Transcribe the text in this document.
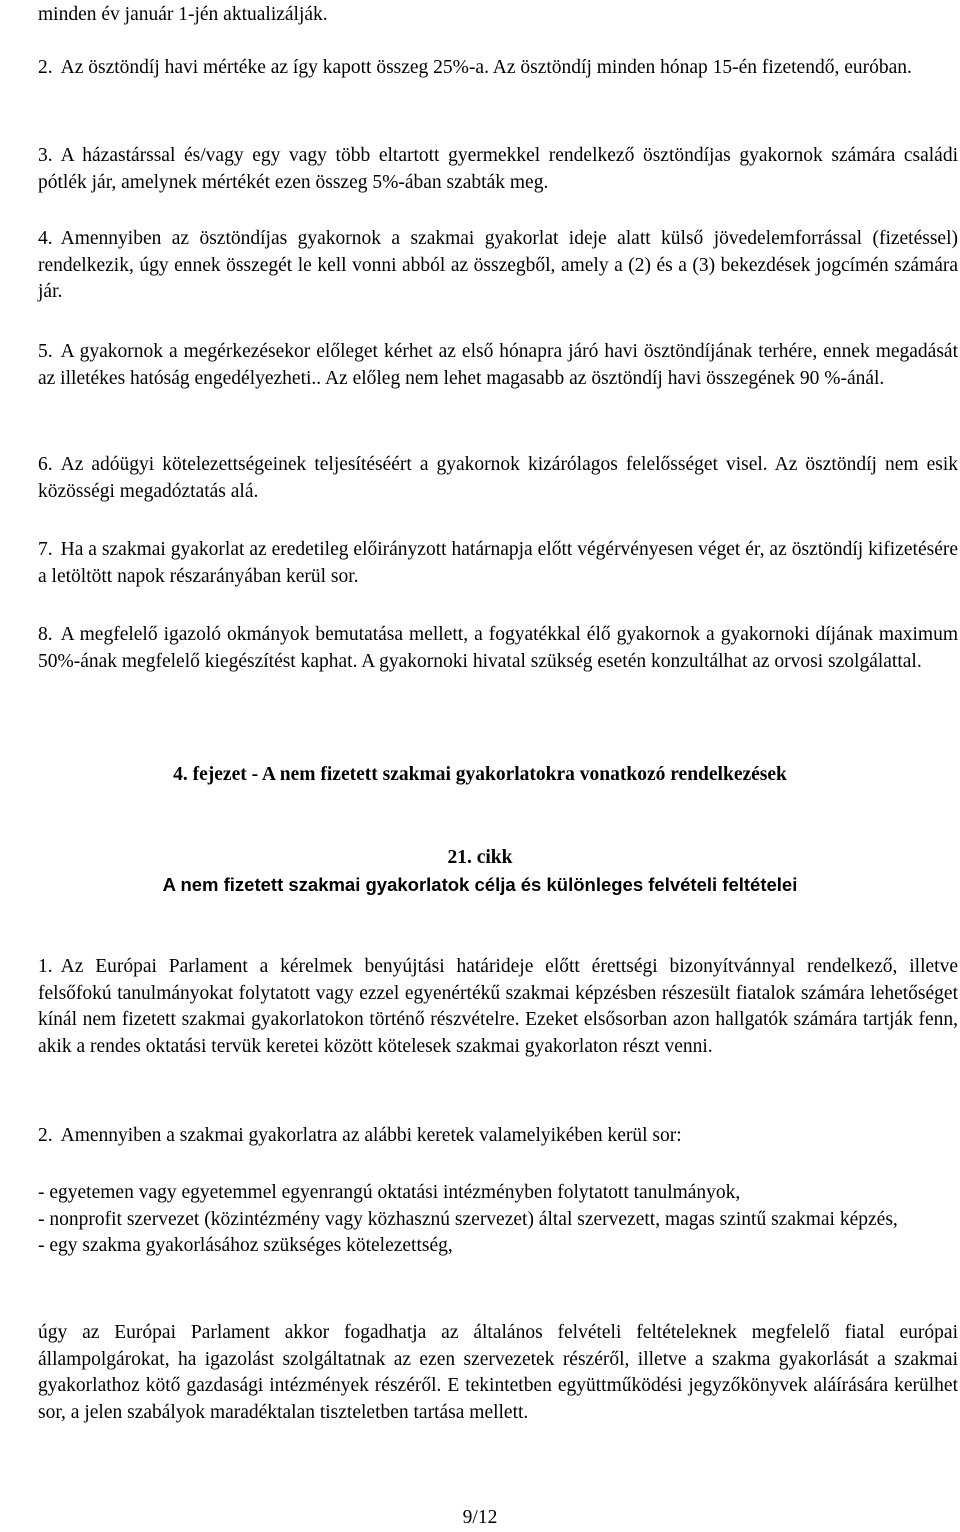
minden év január 1-jén aktualizálják.

2. Az ösztöndíj havi mértéke az így kapott összeg 25%-a. Az ösztöndíj minden hónap 15-én fizetendő, euróban.

3. A házastárssal és/vagy egy vagy több eltartott gyermekkel rendelkező ösztöndíjas gyakornok számára családi pótlék jár, amelynek mértékét ezen összeg 5%-ában szabták meg.

4. Amennyiben az ösztöndíjas gyakornok a szakmai gyakorlat ideje alatt külső jövedelemforrással (fizetéssel) rendelkezik, úgy ennek összegét le kell vonni abból az összegből, amely a (2) és a (3) bekezdések jogcímén számára jár.

5. A gyakornok a megérkezésekor előleget kérhet az első hónapra járó havi ösztöndíjának terhére, ennek megadását az illetékes hatóság engedélyezheti.. Az előleg nem lehet magasabb az ösztöndíj havi összegének 90 %-ánál.

6. Az adóügyi kötelezettségeinek teljesítéséért a gyakornok kizárólagos felelősséget visel. Az ösztöndíj nem esik közösségi megadóztatás alá.

7. Ha a szakmai gyakorlat az eredetileg előirányzott határnapja előtt végérvényesen véget ér, az ösztöndíj kifizetésére a letöltött napok részarányában kerül sor.

8. A megfelelő igazoló okmányok bemutatása mellett, a fogyatékkal élő gyakornok a gyakornoki díjának maximum 50%-ának megfelelő kiegészítést kaphat. A gyakornoki hivatal szükség esetén konzultálhat az orvosi szolgálattal.

4. fejezet - A nem fizetett szakmai gyakorlatokra vonatkozó rendelkezések
21. cikk
A nem fizetett szakmai gyakorlatok célja és különleges felvételi feltételei

1. Az Európai Parlament a kérelmek benyújtási határideje előtt érettségi bizonyítvánnyal rendelkező, illetve felsőfokú tanulmányokat folytatott vagy ezzel egyenértékű szakmai képzésben részesült fiatalok számára lehetőséget kínál nem fizetett szakmai gyakorlatokon történő részvételre. Ezeket elsősorban azon hallgatók számára tartják fenn, akik a rendes oktatási tervük keretei között kötelesek szakmai gyakorlaton részt venni.

2. Amennyiben a szakmai gyakorlatra az alábbi keretek valamelyikében kerül sor:

- egyetemen vagy egyetemmel egyenrangú oktatási intézményben folytatott tanulmányok,
- nonprofit szervezet (közintézmény vagy közhasznú szervezet) által szervezett, magas szintű szakmai képzés,
- egy szakma gyakorlásához szükséges kötelezettség,

úgy az Európai Parlament akkor fogadhatja az általános felvételi feltételeknek megfelelő fiatal európai állampolgárokat, ha igazolást szolgáltatnak az ezen szervezetek részéről, illetve a szakma gyakorlását a szakmai gyakorlathoz kötő gazdasági intézmények részéről. E tekintetben együttműködési jegyzőkönyvek aláírására kerülhet sor, a jelen szabályok maradéktalan tiszteletben tartása mellett.

9/12
